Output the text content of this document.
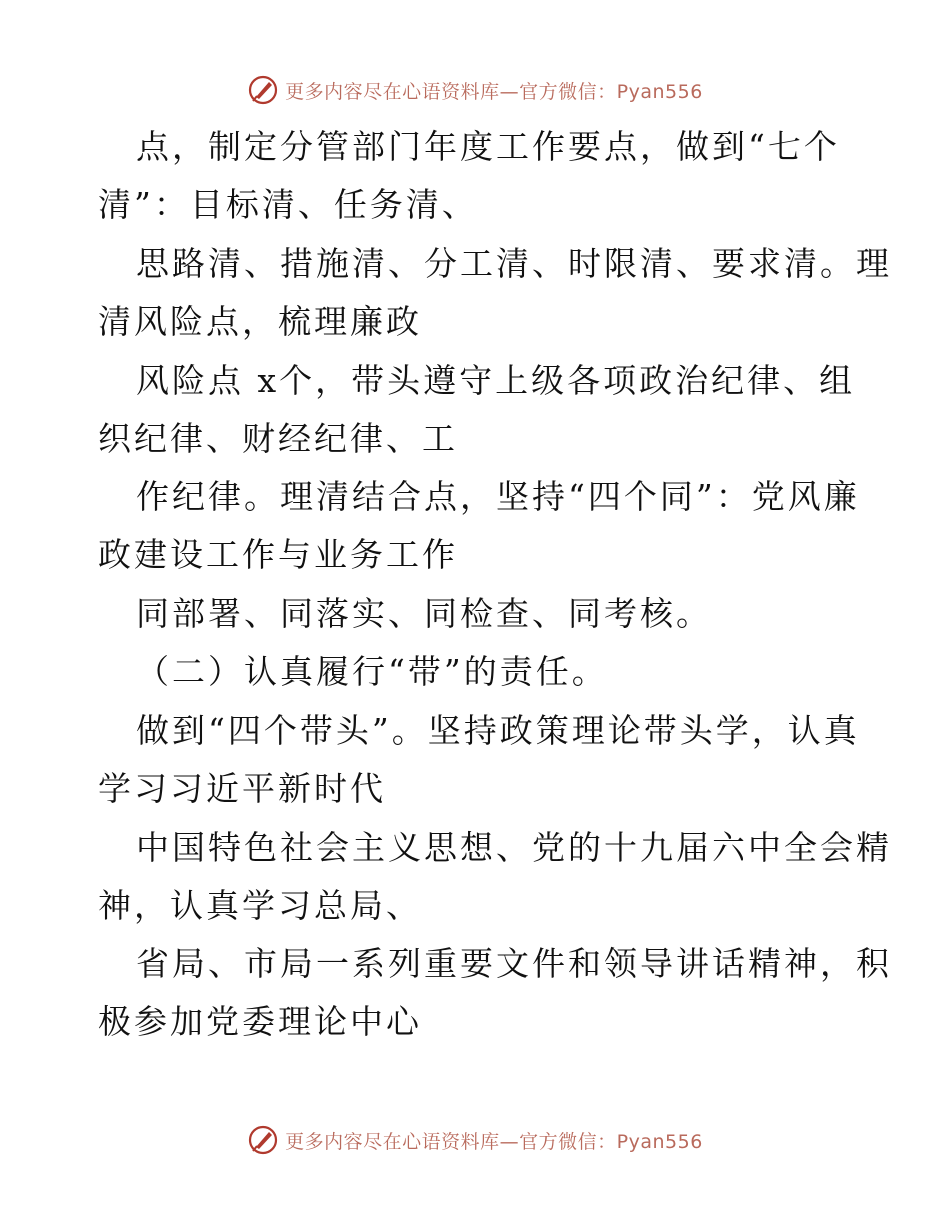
更多内容尽在心语资料库—官方微信：Pyan556
点，制定分管部门年度工作要点，做到“七个
清”：目标清、任务清、
思路清、措施清、分工清、时限清、要求清。理
清风险点，梳理廉政
风险点 x个，带头遵守上级各项政治纪律、组
织纪律、财经纪律、工
作纪律。理清结合点，坚持“四个同”：党风廉
政建设工作与业务工作
同部署、同落实、同检查、同考核。
（二）认真履行“带”的责任。
做到“四个带头”。坚持政策理论带头学，认真
学习习近平新时代
中国特色社会主义思想、党的十九届六中全会精
神，认真学习总局、
省局、市局一系列重要文件和领导讲话精神，积
极参加党委理论中心
更多内容尽在心语资料库—官方微信：Pyan556
